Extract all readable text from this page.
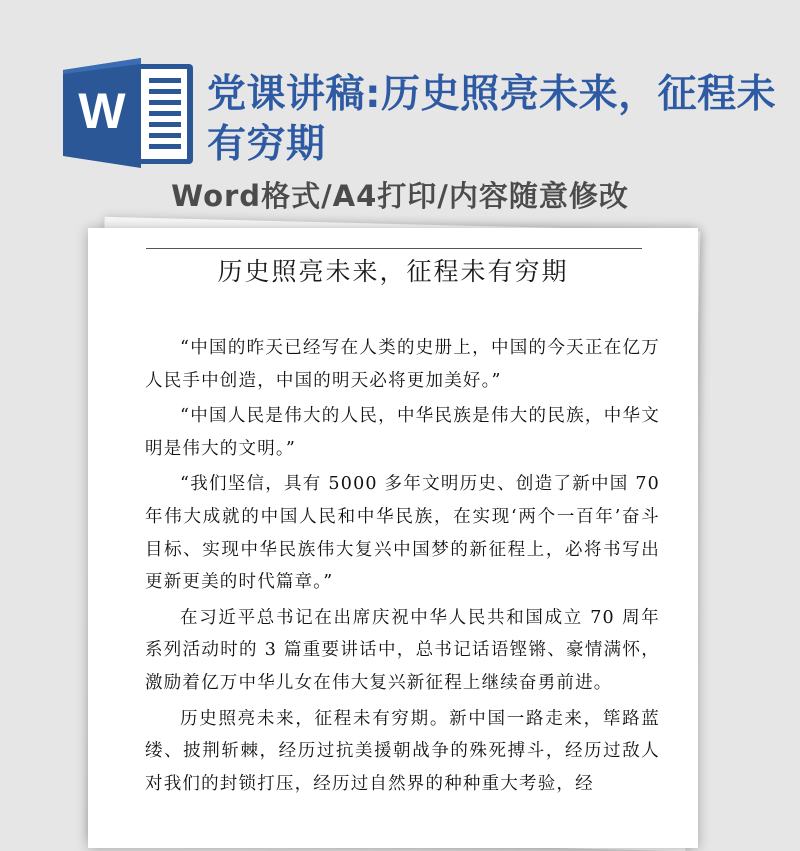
W 党课讲稿:历史照亮未来，征程未有穷期
Word格式/A4打印/内容随意修改
历史照亮未来，征程未有穷期

“中国的昨天已经写在人类的史册上，中国的今天正在亿万人民手中创造，中国的明天必将更加美好。”

“中国人民是伟大的人民，中华民族是伟大的民族，中华文明是伟大的文明。”

“我们坚信，具有 5000 多年文明历史、创造了新中国 70 年伟大成就的中国人民和中华民族，在实现‘两个一百年’奋斗目标、实现中华民族伟大复兴中国梦的新征程上，必将书写出更新更美的时代篇章。”

在习近平总书记在出席庆祝中华人民共和国成立 70 周年系列活动时的 3 篇重要讲话中，总书记话语铿锵、豪情满怀，激励着亿万中华儿女在伟大复兴新征程上继续奋勇前进。

历史照亮未来，征程未有穷期。新中国一路走来，筚路蓝缕、披荆斩棘，经历过抗美援朝战争的殊死搏斗，经历过敌人对我们的封锁打压，经历过自然界的种种重大考验，经
